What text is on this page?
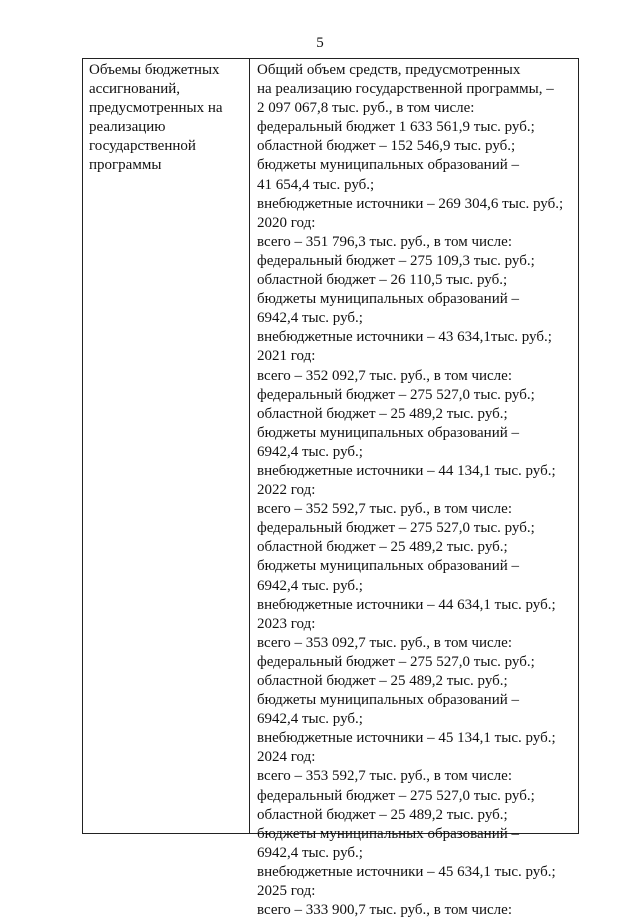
5
Объемы бюджетных
ассигнований,
предусмотренных на
реализацию
государственной
программы
Общий объем средств, предусмотренных
на реализацию государственной программы, –
2 097 067,8 тыс. руб., в том числе:
федеральный бюджет 1 633 561,9 тыс. руб.;
областной бюджет – 152 546,9 тыс. руб.;
бюджеты муниципальных образований –
41 654,4 тыс. руб.;
внебюджетные источники – 269 304,6 тыс. руб.;
2020 год:
всего – 351 796,3 тыс. руб., в том числе:
федеральный бюджет – 275 109,3 тыс. руб.;
областной бюджет – 26 110,5 тыс. руб.;
бюджеты муниципальных образований –
6942,4 тыс. руб.;
внебюджетные источники – 43 634,1тыс. руб.;
2021 год:
всего – 352 092,7 тыс. руб., в том числе:
федеральный бюджет – 275 527,0 тыс. руб.;
областной бюджет – 25 489,2 тыс. руб.;
бюджеты муниципальных образований –
6942,4 тыс. руб.;
внебюджетные источники – 44 134,1 тыс. руб.;
2022 год:
всего – 352 592,7 тыс. руб., в том числе:
федеральный бюджет – 275 527,0 тыс. руб.;
областной бюджет – 25 489,2 тыс. руб.;
бюджеты муниципальных образований –
6942,4 тыс. руб.;
внебюджетные источники – 44 634,1 тыс. руб.;
2023 год:
всего – 353 092,7 тыс. руб., в том числе:
федеральный бюджет – 275 527,0 тыс. руб.;
областной бюджет – 25 489,2 тыс. руб.;
бюджеты муниципальных образований –
6942,4 тыс. руб.;
внебюджетные источники – 45 134,1 тыс. руб.;
2024 год:
всего – 353 592,7 тыс. руб., в том числе:
федеральный бюджет – 275 527,0 тыс. руб.;
областной бюджет – 25 489,2 тыс. руб.;
бюджеты муниципальных образований –
6942,4 тыс. руб.;
внебюджетные источники – 45 634,1 тыс. руб.;
2025 год:
всего – 333 900,7 тыс. руб., в том числе:
